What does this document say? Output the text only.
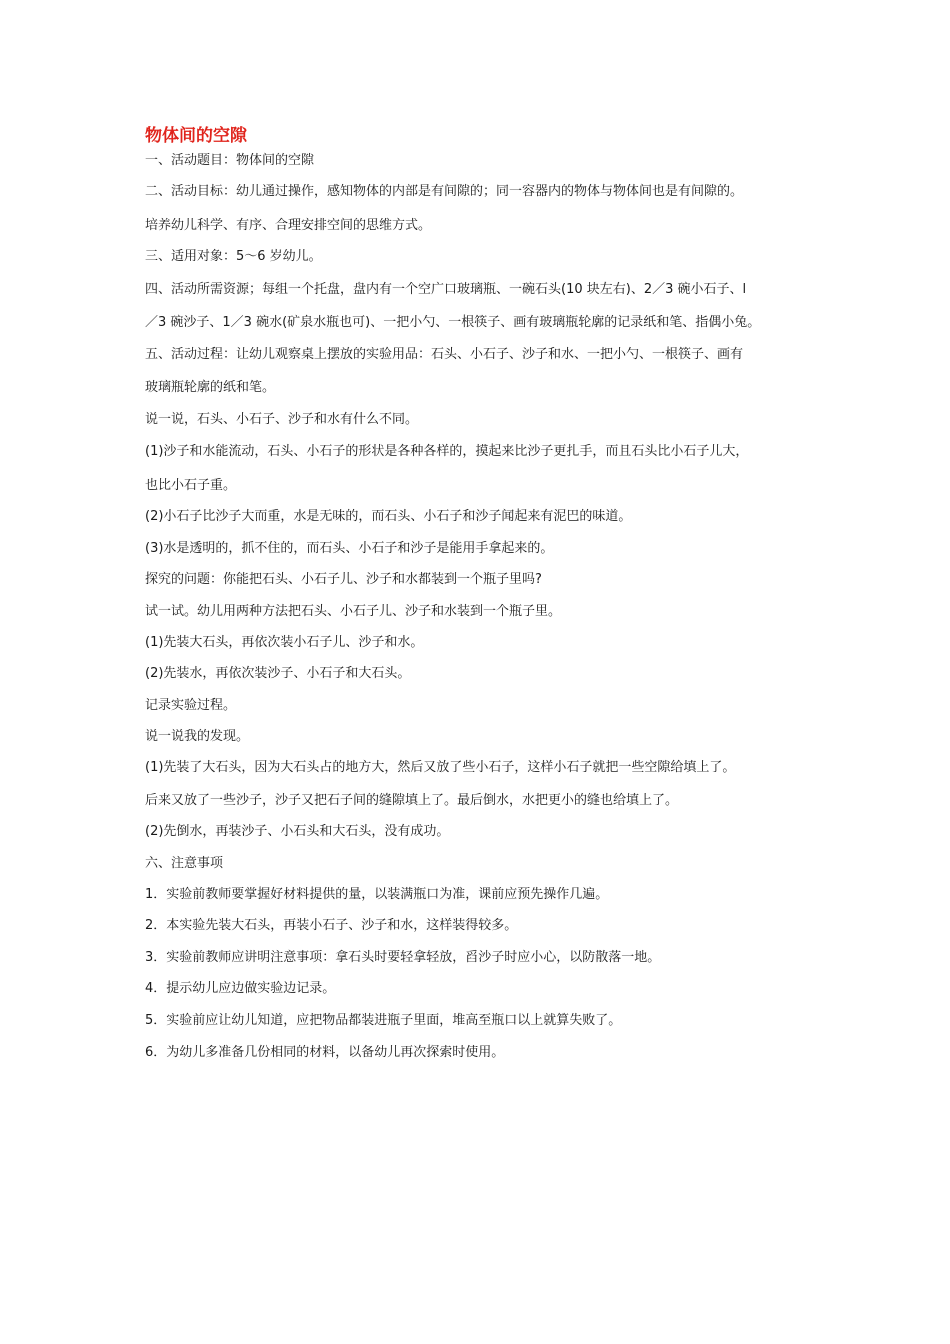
物体间的空隙
一、活动题目：物体间的空隙
二、活动目标：幼儿通过操作，感知物体的内部是有间隙的；同一容器内的物体与物体间也是有间隙的。
培养幼儿科学、有序、合理安排空间的思维方式。
三、适用对象：5～6 岁幼儿。
四、活动所需资源；每组一个托盘，盘内有一个空广口玻璃瓶、一碗石头(10 块左右)、2／3 碗小石子、l
／3 碗沙子、1／3 碗水(矿泉水瓶也可)、一把小勺、一根筷子、画有玻璃瓶轮廓的记录纸和笔、指偶小兔。
五、活动过程：让幼儿观察桌上摆放的实验用品：石头、小石子、沙子和水、一把小勺、一根筷子、画有
玻璃瓶轮廓的纸和笔。
说一说，石头、小石子、沙子和水有什么不同。
(1)沙子和水能流动，石头、小石子的形状是各种各样的，摸起来比沙子更扎手，而且石头比小石子儿大，
也比小石子重。
(2)小石子比沙子大而重，水是无味的，而石头、小石子和沙子闻起来有泥巴的味道。
(3)水是透明的，抓不住的，而石头、小石子和沙子是能用手拿起来的。
探究的问题：你能把石头、小石子儿、沙子和水都装到一个瓶子里吗?
试一试。幼儿用两种方法把石头、小石子儿、沙子和水装到一个瓶子里。
(1)先装大石头，再依次装小石子儿、沙子和水。
(2)先装水，再依次装沙子、小石子和大石头。
记录实验过程。
说一说我的发现。
(1)先装了大石头，因为大石头占的地方大，然后又放了些小石子，这样小石子就把一些空隙给填上了。
后来又放了一些沙子，沙子又把石子间的缝隙填上了。最后倒水，水把更小的缝也给填上了。
(2)先倒水，再装沙子、小石头和大石头，没有成功。
六、注意事项
1．实验前教师要掌握好材料提供的量，以装满瓶口为准，课前应预先操作几遍。
2．本实验先装大石头，再装小石子、沙子和水，这样装得较多。
3．实验前教师应讲明注意事项：拿石头时要轻拿轻放，舀沙子时应小心，以防散落一地。
4．提示幼儿应边做实验边记录。
5．实验前应让幼儿知道，应把物品都装进瓶子里面，堆高至瓶口以上就算失败了。
6．为幼儿多准备几份相同的材料，以备幼儿再次探索时使用。
